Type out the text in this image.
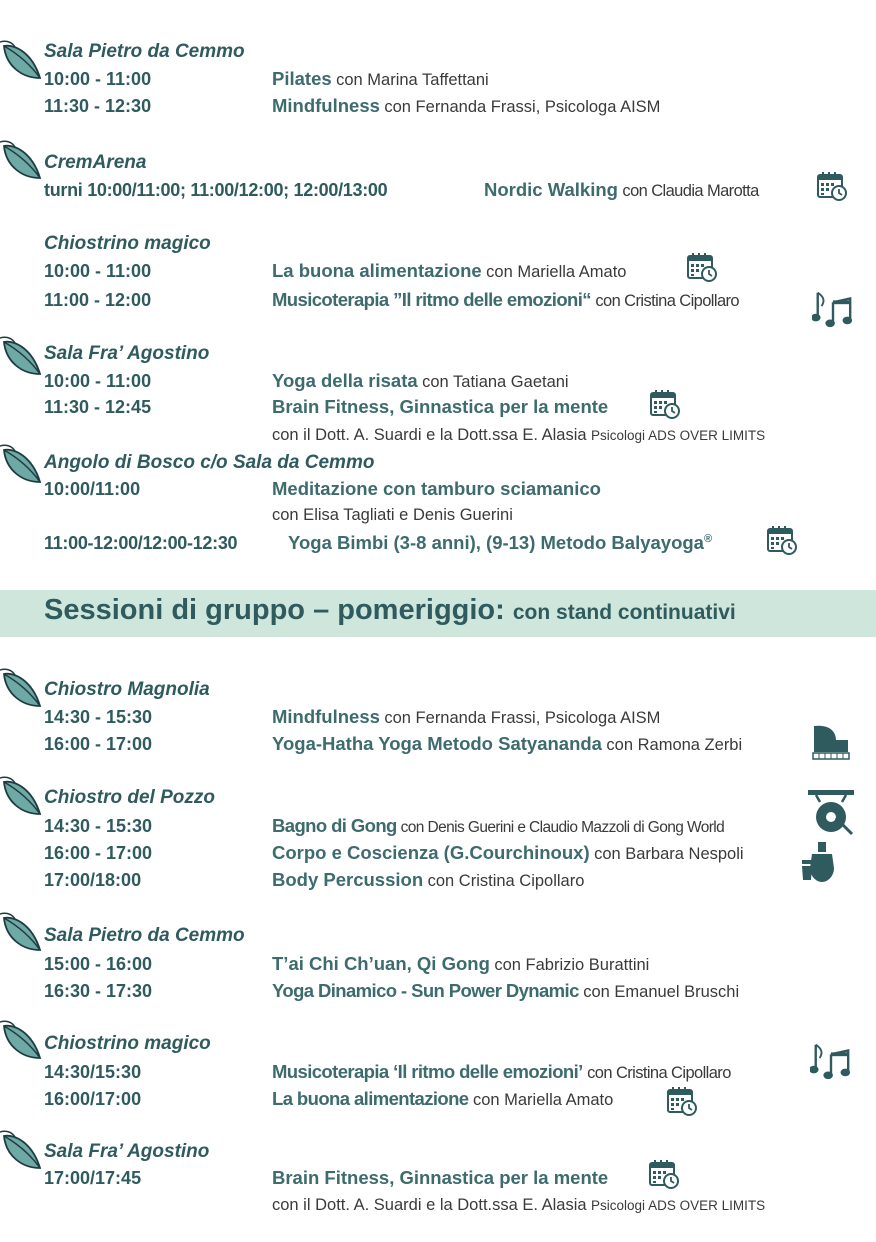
Sala Pietro da Cemmo
10:00 - 11:00	Pilates con Marina Taffettani
11:30 - 12:30	Mindfulness con Fernanda Frassi, Psicologa AISM
CremArena
turni 10:00/11:00; 11:00/12:00; 12:00/13:00	Nordic Walking con Claudia Marotta
Chiostrino magico
10:00 - 11:00	La buona alimentazione con Mariella Amato
11:00 - 12:00	Musicoterapia ”Il ritmo delle emozioni“ con Cristina Cipollaro
Sala Fra’ Agostino
10:00 - 11:00	Yoga della risata con Tatiana Gaetani
11:30 - 12:45	Brain Fitness, Ginnastica per la mente
con il Dott. A. Suardi e la Dott.ssa E. Alasia Psicologi ADS OVER LIMITS
Angolo di Bosco c/o Sala da Cemmo
10:00/11:00	Meditazione con tamburo sciamanico
con Elisa Tagliati e Denis Guerini
11:00-12:00/12:00-12:30	Yoga Bimbi (3-8 anni), (9-13) Metodo Balyayoga®
Sessioni di gruppo – pomeriggio: con stand continuativi
Chiostro Magnolia
14:30 - 15:30	Mindfulness con Fernanda Frassi, Psicologa AISM
16:00 - 17:00	Yoga-Hatha Yoga Metodo Satyananda con Ramona Zerbi
Chiostro del Pozzo
14:30 - 15:30	Bagno di Gong con Denis Guerini e Claudio Mazzoli di Gong World
16:00 - 17:00	Corpo e Coscienza (G.Courchinoux) con Barbara Nespoli
17:00/18:00	Body Percussion con Cristina Cipollaro
Sala Pietro da Cemmo
15:00 - 16:00	T’ai Chi Ch’uan, Qi Gong con Fabrizio Burattini
16:30 - 17:30	Yoga Dinamico - Sun Power Dynamic con Emanuel Bruschi
Chiostrino magico
14:30/15:30	Musicoterapia ‘Il ritmo delle emozioni’ con Cristina Cipollaro
16:00/17:00	La buona alimentazione con Mariella Amato
Sala Fra’ Agostino
17:00/17:45	Brain Fitness, Ginnastica per la mente
con il Dott. A. Suardi e la Dott.ssa E. Alasia Psicologi ADS OVER LIMITS
